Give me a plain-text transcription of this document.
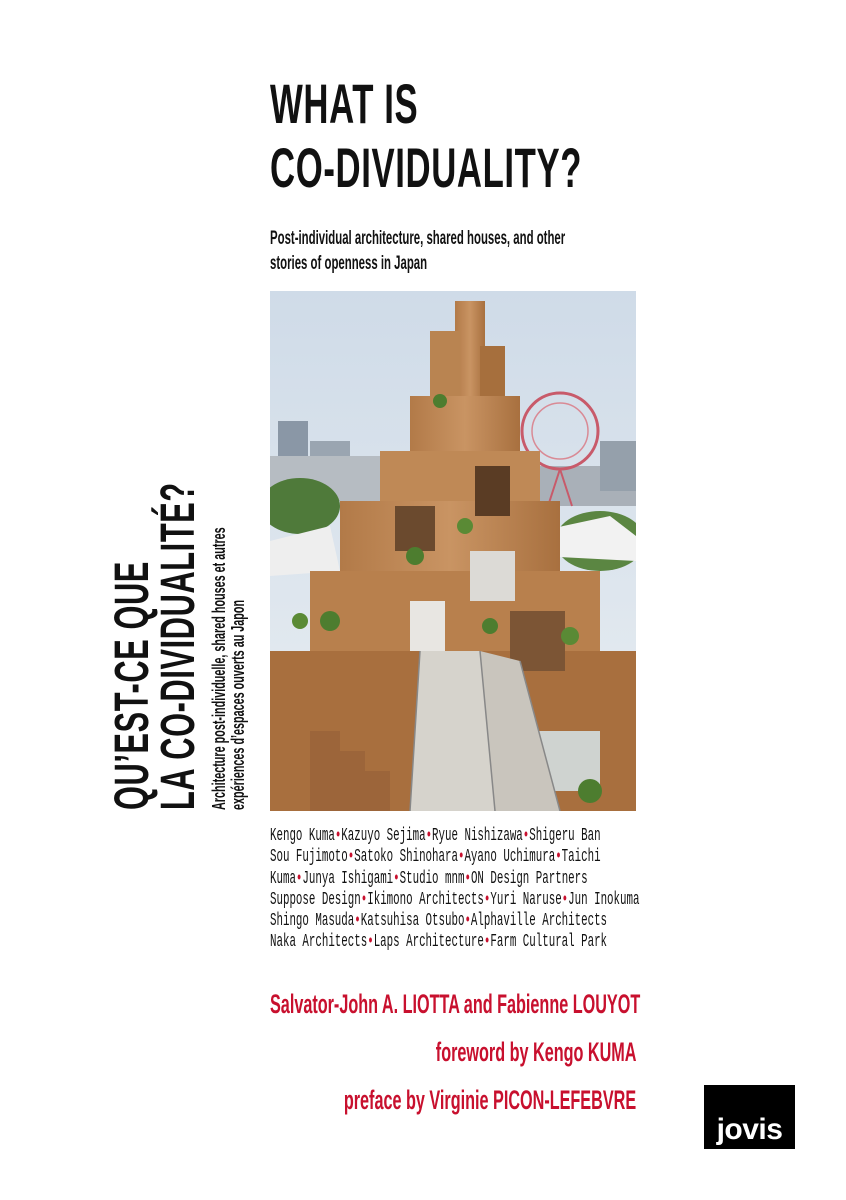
WHAT IS
CO-DIVIDUALITY?

Post-individual architecture, shared houses, and other
stories of openness in Japan

QU’EST-CE QUE
LA CO-DIVIDUALITÉ? Architecture post-individuelle, shared houses et autres expériences d’espaces ouverts au Japon

Kengo Kuma•Kazuyo Sejima•Ryue Nishizawa•Shigeru Ban
Sou Fujimoto•Satoko Shinohara•Ayano Uchimura•Taichi
Kuma•Junya Ishigami•Studio mnm•ON Design Partners
Suppose Design•Ikimono Architects•Yuri Naruse•Jun Inokuma
Shingo Masuda•Katsuhisa Otsubo•Alphaville Architects
Naka Architects•Laps Architecture•Farm Cultural Park

Salvator-John A. LIOTTA and Fabienne LOUYOT

foreword by Kengo KUMA

preface by Virginie PICON-LEFEBVRE

jovis
